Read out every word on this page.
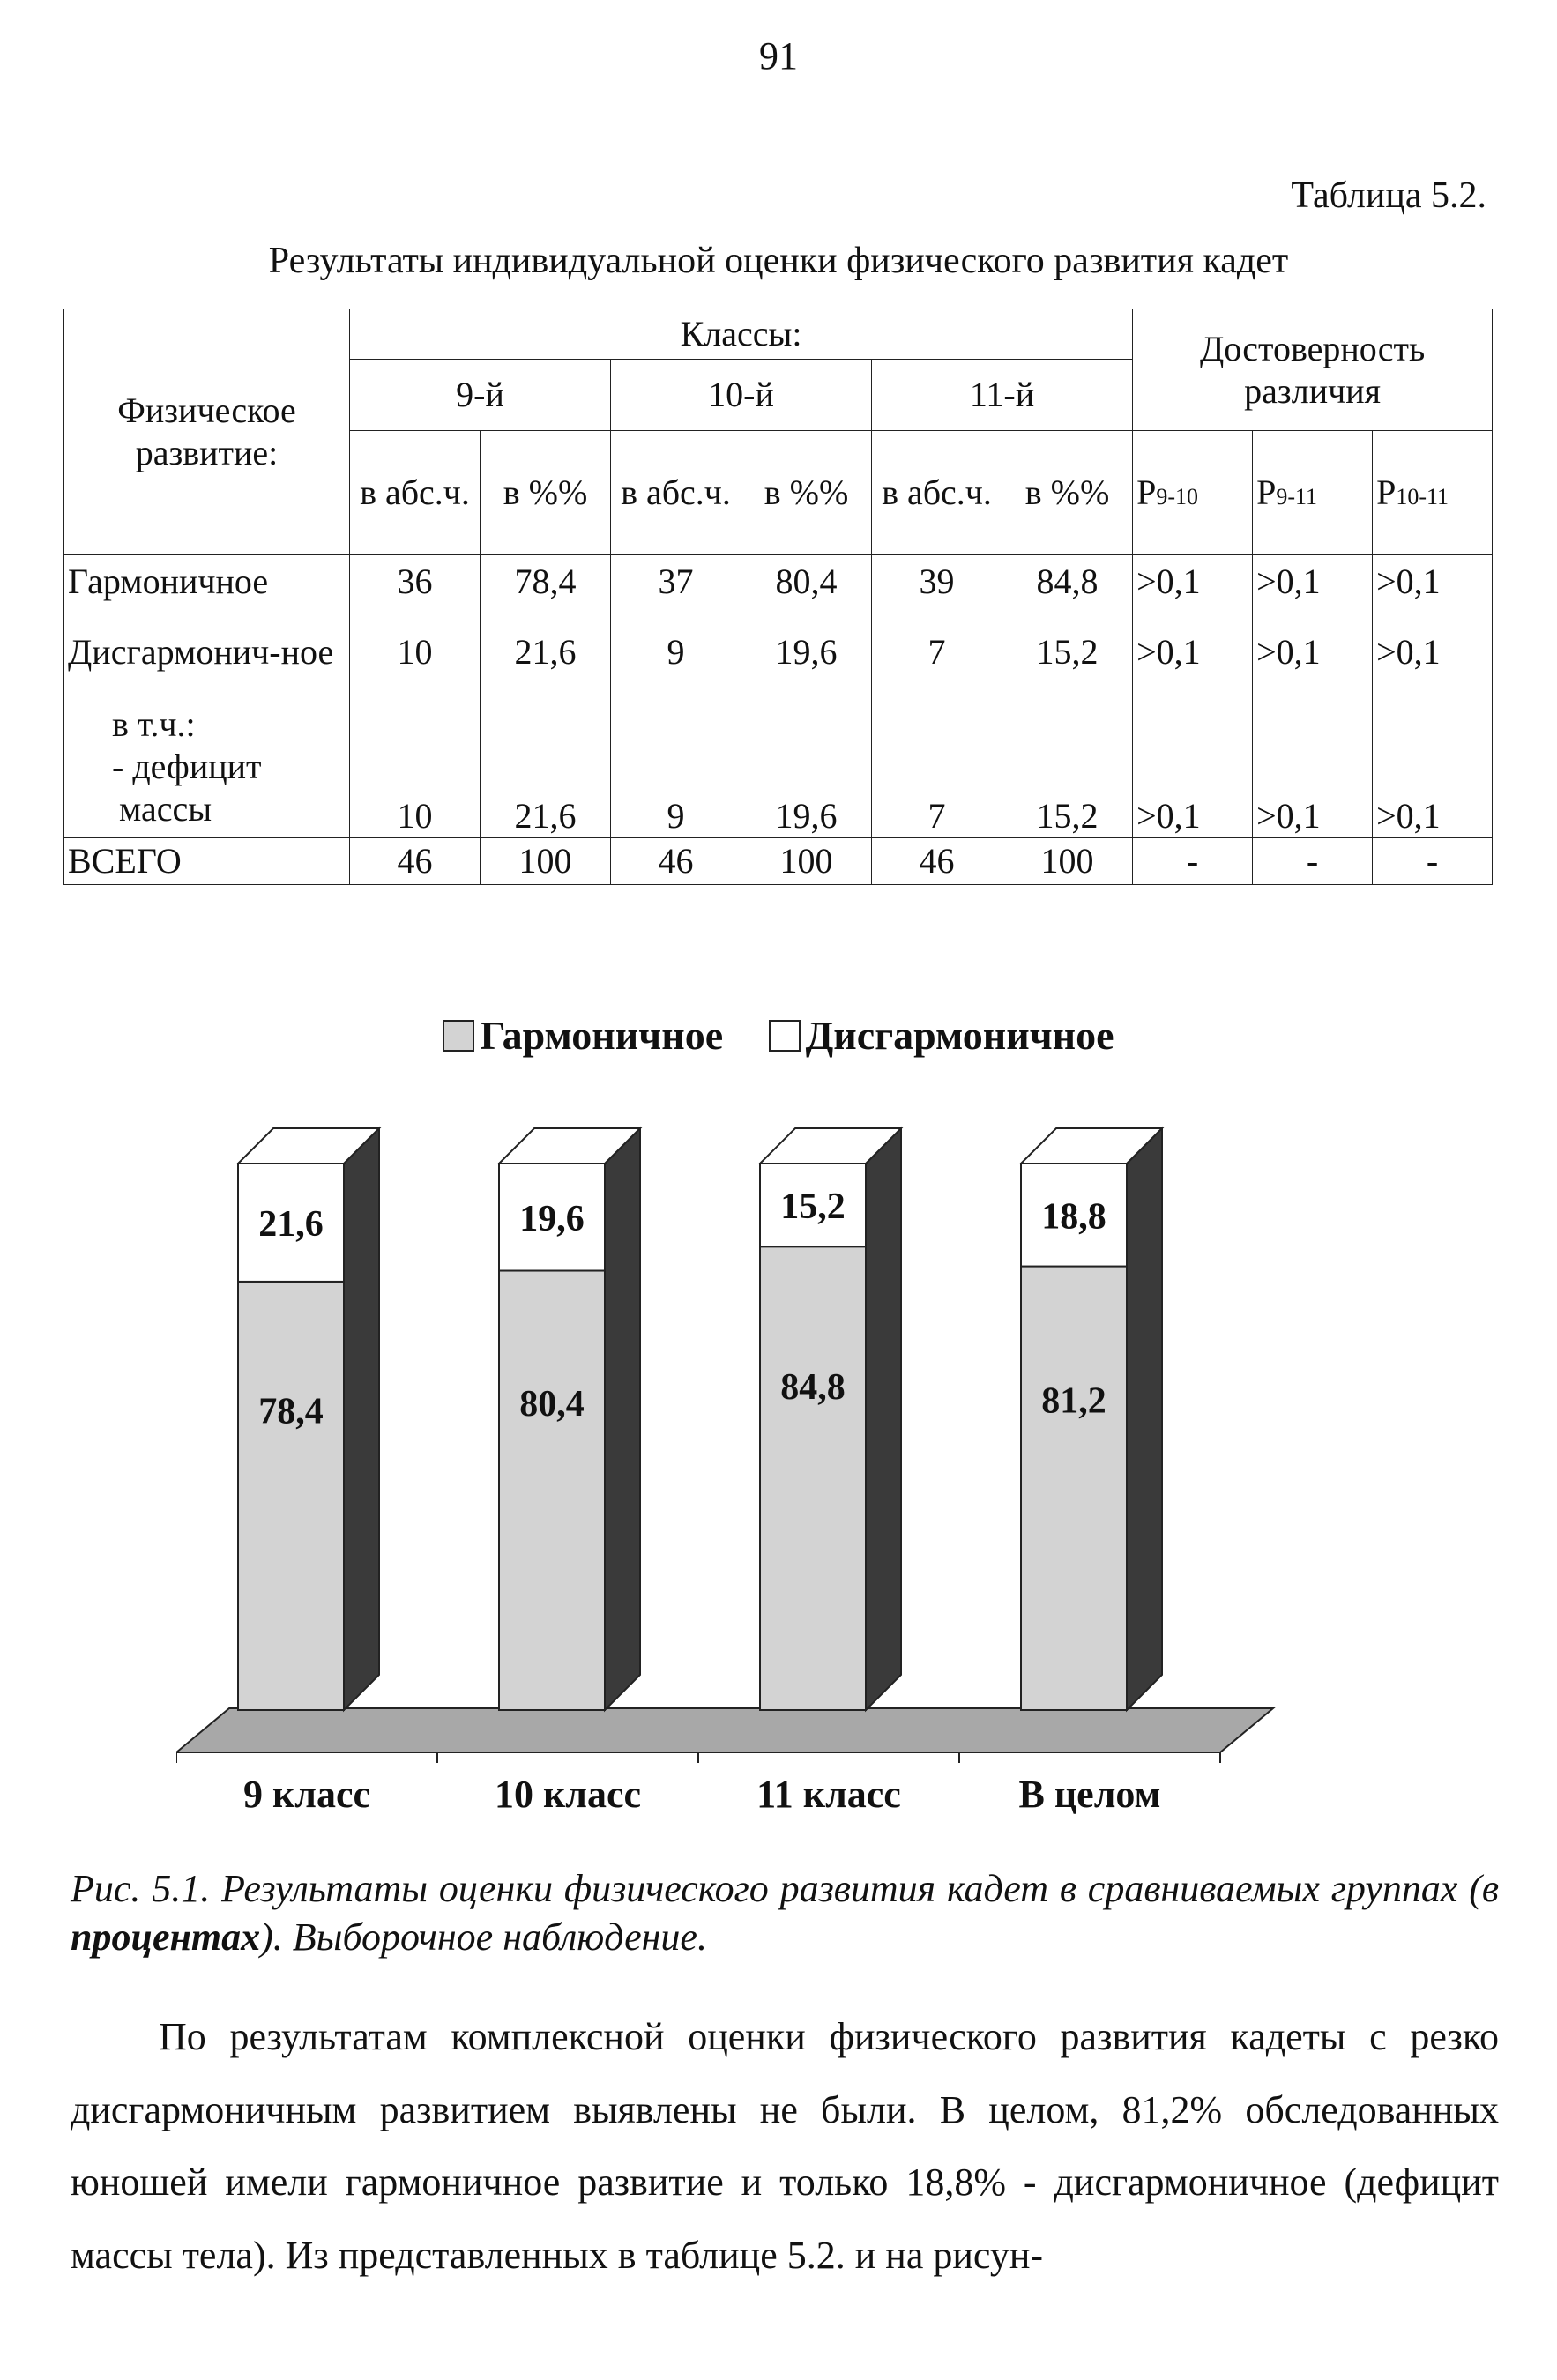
91
Таблица 5.2.
Результаты индивидуальной оценки физического развития кадет
Физическое развитие:	Классы:						Достоверность различия		
	9-й		10-й		11-й				
	в абс.ч.	в %%	в абс.ч.	в %%	в абс.ч.	в %%	Р9-10	Р9-11	Р10-11
Гармоничное	36	78,4	37	80,4	39	84,8	>0,1	>0,1	>0,1
Дисгармонич-ное	10	21,6	9	19,6	7	15,2	>0,1	>0,1	>0,1

в т.ч.:
- дефицит
массы	10	21,6	9	19,6	7	15,2	>0,1	>0,1	>0,1
ВСЕГО	46	100	46	100	46	100	-	-	-
Гармоничное Дисгармоничное
21,6
78,4
9 класс
19,6
80,4
10 класс
15,2
84,8
11 класс
18,8
81,2
В целом
Рис. 5.1. Результаты оценки физического развития кадет в сравниваемых группах (в процентах). Выборочное наблюдение.
По результатам комплексной оценки физического развития кадеты с резко дисгармоничным развитием выявлены не были. В целом, 81,2% обследованных юношей имели гармоничное развитие и только 18,8% - дисгармоничное (дефицит массы тела). Из представленных в таблице 5.2. и на рисун-
